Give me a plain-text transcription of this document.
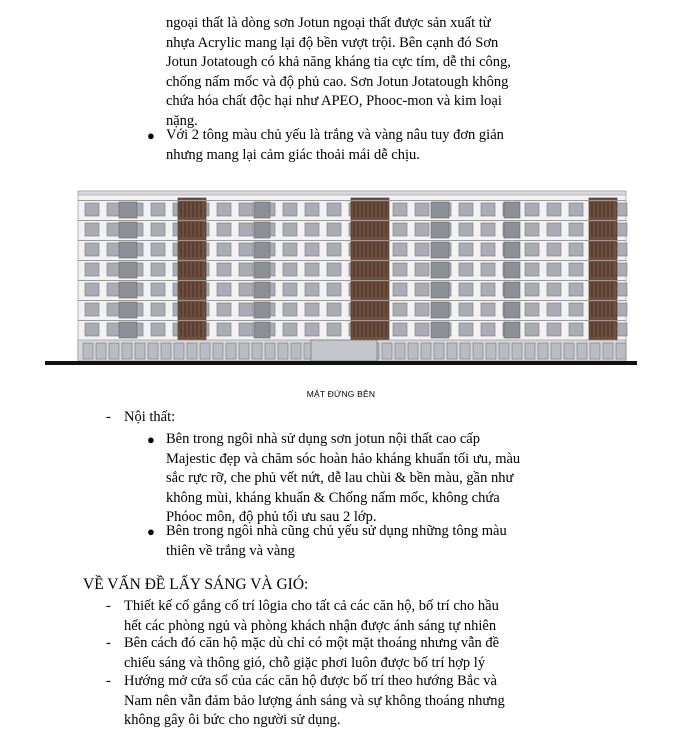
ngoại thất là dòng sơn Jotun ngoại thất được sản xuất từ
nhựa Acrylic mang lại độ bền vượt trội. Bên cạnh đó Sơn
Jotun Jotatough có khả năng kháng tia cực tím, dễ thi công,
chống nấm mốc và độ phủ cao. Sơn Jotun Jotatough không
chứa hóa chất độc hại như APEO, Phooc-mon và kim loại
nặng.
● Với 2 tông màu chủ yếu là trắng và vàng nâu tuy đơn giản
nhưng mang lại cảm giác thoải mái dễ chịu.
MẶT ĐỨNG BÊN
- Nội thất:
● Bên trong ngôi nhà sử dụng sơn jotun nội thất cao cấp
Majestic đẹp và chăm sóc hoàn hảo kháng khuẩn tối ưu, màu
sắc rực rỡ, che phủ vết nứt, dễ lau chùi & bền màu, gần như
không mùi, kháng khuẩn & Chống nấm mốc, không chứa
Phóoc môn, độ phủ tối ưu sau 2 lớp.
● Bên trong ngôi nhà cũng chủ yếu sử dụng những tông màu
thiên về trắng và vàng
VỀ VẤN ĐỀ LẤY SÁNG VÀ GIÓ:
- Thiết kế cố gắng cố trí lôgia cho tất cả các căn hộ, bố trí cho hầu
hết các phòng ngủ và phòng khách nhận được ánh sáng tự nhiên
- Bên cách đó căn hộ mặc dù chỉ có một mặt thoáng nhưng vẫn đề
chiếu sáng và thông gió, chỗ giặc phơi luôn được bố trí hợp lý
- Hướng mở cửa sổ của các căn hộ được bố trí theo hướng Bắc và
Nam nên vẫn đảm bảo lượng ánh sáng và sự không thoáng nhưng
không gây ôi bức cho người sử dụng.
